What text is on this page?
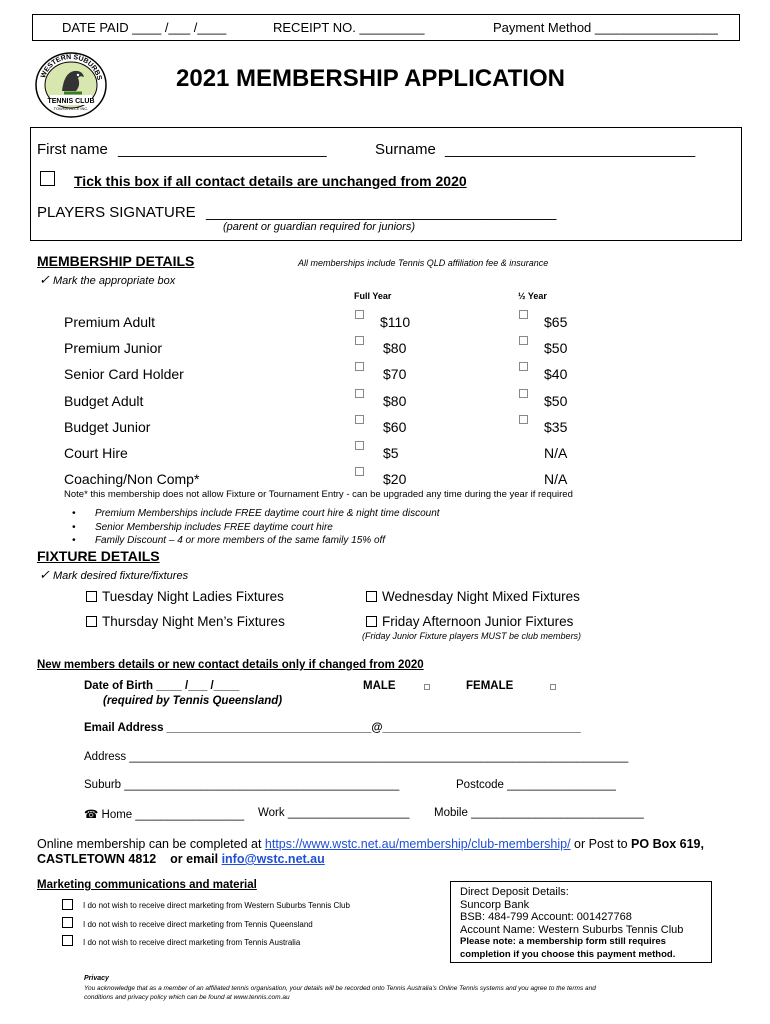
DATE PAID ____ /___ /____	RECEIPT NO. _________	Payment Method _________________
WESTERN SUBURBS
TENNIS CLUB
TOWNSVILLE INC.
2021 MEMBERSHIP APPLICATION
First name _________________________	Surname ______________________________
Tick this box if all contact details are unchanged from 2020
PLAYERS SIGNATURE __________________________________________
(parent or guardian required for juniors)
MEMBERSHIP DETAILS	All memberships include Tennis QLD affiliation fee & insurance
✓ Mark the appropriate box
Full Year	½ Year
Premium Adult	$110	$65
Premium Junior	$80	$50
Senior Card Holder	$70	$40
Budget Adult	$80	$50
Budget Junior	$60	$35
Court Hire	$5	N/A
Coaching/Non Comp*	$20	N/A
Note* this membership does not allow Fixture or Tournament Entry - can be upgraded any time during the year if required
•       Premium Memberships include FREE daytime court hire & night time discount
•       Senior Membership includes FREE daytime court hire
•       Family Discount – 4 or more members of the same family 15% off
FIXTURE DETAILS
✓ Mark desired fixture/fixtures
Tuesday Night Ladies Fixtures	Wednesday Night Mixed Fixtures
Thursday Night Men’s Fixtures	Friday Afternoon Junior Fixtures
(Friday Junior Fixture players MUST be club members)
New members details or new contact details only if changed from 2020
Date of Birth ____ /___ /____
(required by Tennis Queensland)
MALE	FEMALE
Email Address ________________________________@_______________________________
Address ______________________________________________________________________________
Suburb ___________________________________________	Postcode _________________
☎ Home _________________ Work ___________________ Mobile ___________________________
Online membership can be completed at https://www.wstc.net.au/membership/club-membership/ or Post to PO Box 619,
CASTLETOWN 4812 or email info@wstc.net.au
Marketing communications and material
I do not wish to receive direct marketing from Western Suburbs Tennis Club
I do not wish to receive direct marketing from Tennis Queensland
I do not wish to receive direct marketing from Tennis Australia
Direct Deposit Details:
Suncorp Bank
BSB: 484-799 Account: 001427768
Account Name: Western Suburbs Tennis Club
Please note: a membership form still requires
completion if you choose this payment method.
Privacy
You acknowledge that as a member of an affiliated tennis organisation, your details will be recorded onto Tennis Australia’s Online Tennis systems and you agree to the terms and
conditions and privacy policy which can be found at www.tennis.com.au
